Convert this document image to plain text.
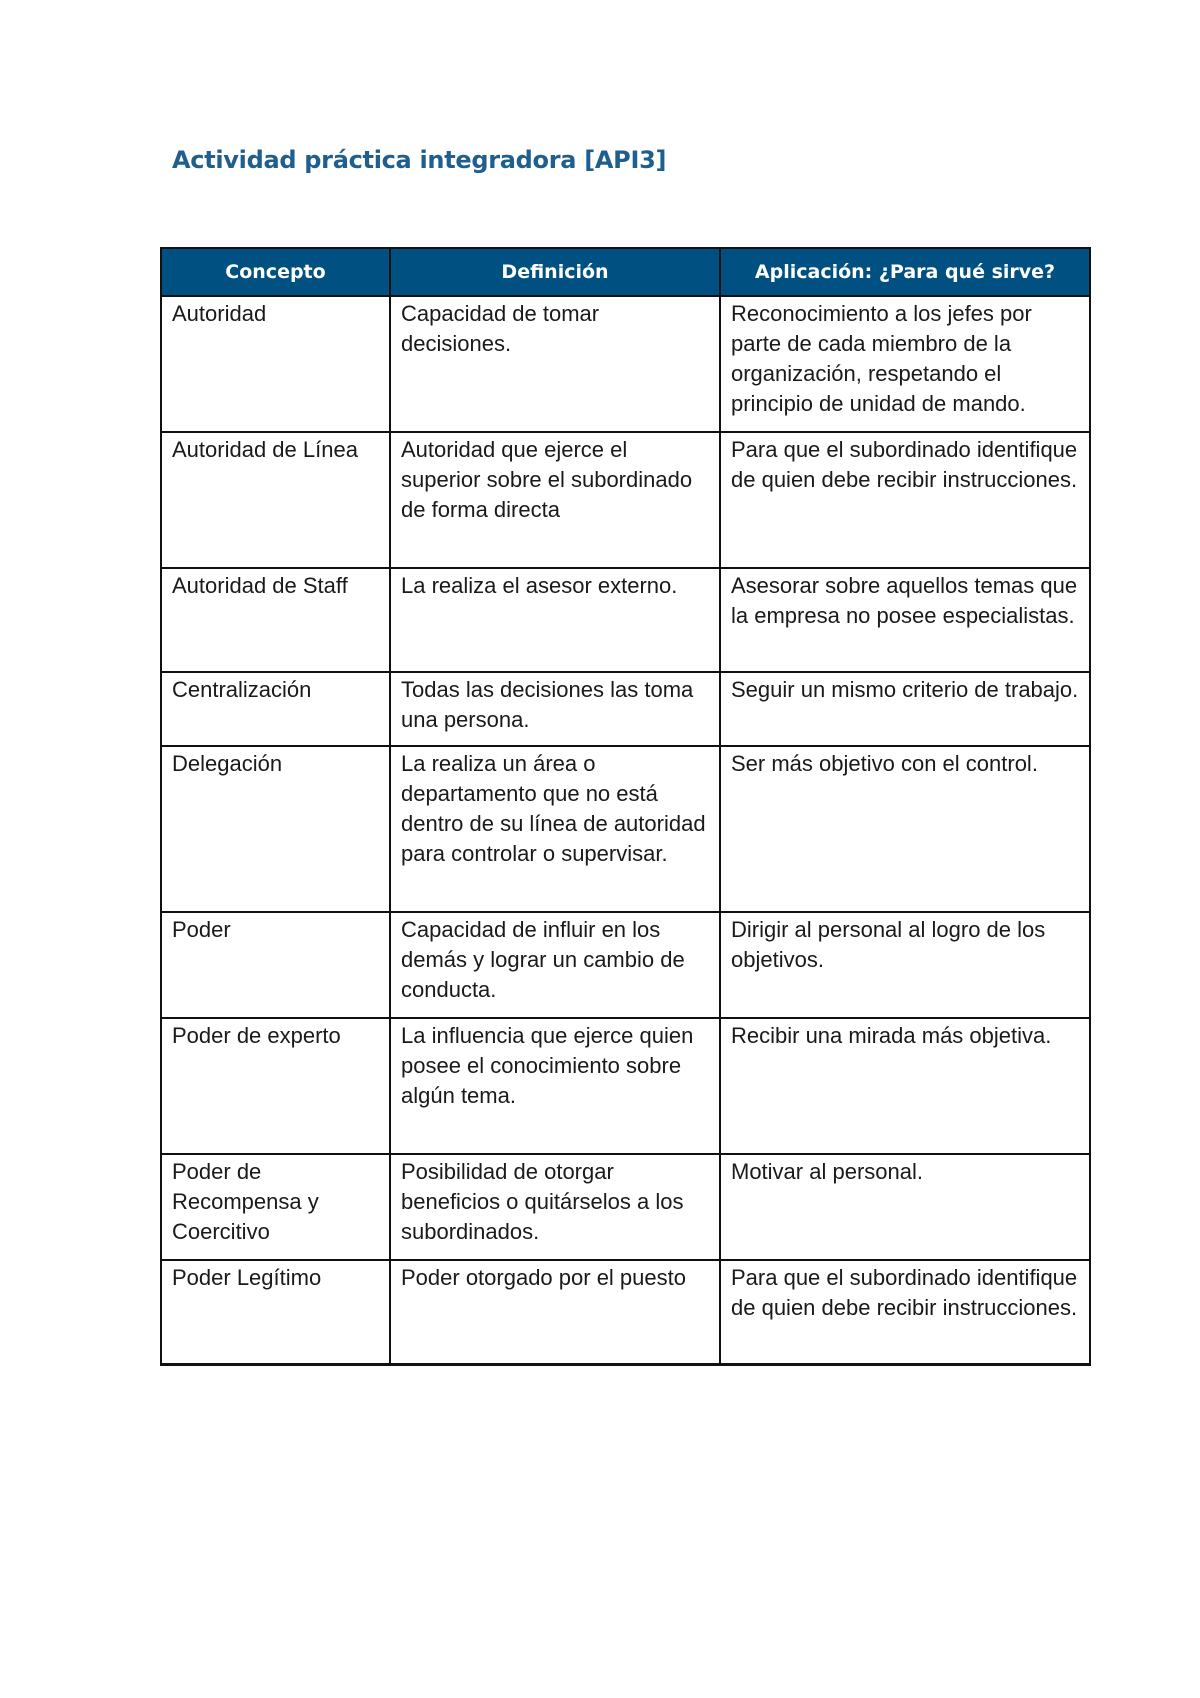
Actividad práctica integradora [API3]
Concepto	Definición	Aplicación: ¿Para qué sirve?
Autoridad	Capacidad de tomar decisiones.	Reconocimiento a los jefes por parte de cada miembro de la organización, respetando el principio de unidad de mando.
Autoridad de Línea	Autoridad que ejerce el superior sobre el subordinado de forma directa	Para que el subordinado identifique de quien debe recibir instrucciones.
Autoridad de Staff	La realiza el asesor externo.	Asesorar sobre aquellos temas que la empresa no posee especialistas.
Centralización	Todas las decisiones las toma una persona.	Seguir un mismo criterio de trabajo.
Delegación	La realiza un área o departamento que no está dentro de su línea de autoridad para controlar o supervisar.	Ser más objetivo con el control.
Poder	Capacidad de influir en los demás y lograr un cambio de conducta.	Dirigir al personal al logro de los objetivos.
Poder de experto	La influencia que ejerce quien posee el conocimiento sobre algún tema.	Recibir una mirada más objetiva.
Poder de Recompensa y Coercitivo	Posibilidad de otorgar beneficios o quitárselos a los subordinados.	Motivar al personal.
Poder Legítimo	Poder otorgado por el puesto	Para que el subordinado identifique de quien debe recibir instrucciones.
